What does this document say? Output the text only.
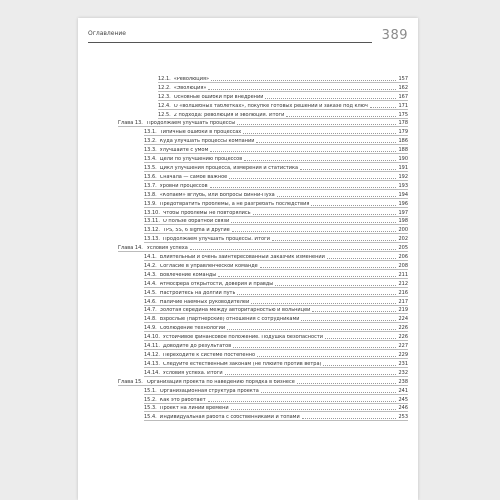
Оглавление	389
12.1. «Революция»	157
12.2. «Эволюция»	162
12.3. Основные ошибки при внедрении	167
12.4. О «волшебных таблетках», покупке готовых решений и заказе под ключ	171
12.5. 2 подхода: революция и эволюция. Итоги	175
Глава 13. Продолжаем улучшать процессы	178
13.1. Типичные ошибки в процессах	179
13.2. Куда улучшать процессы компании	186
13.3. Улучшайте с умом	188
13.4. Цели по улучшению процессов	190
13.5. Цикл улучшения процесса, измерения и статистика	191
13.6. Сначала — самое важное	192
13.7. Уровни процессов	193
13.8. «Копаем» вглубь, или Вопросы Винни-Пуха	194
13.9. Предотвратить проблемы, а не разгребать последствия	196
13.10. Чтобы проблемы не повторялись	197
13.11. О пользе обратной связи	198
13.12. TPS, 5S, 6 sigma и другие	200
13.13. Продолжаем улучшать процессы. Итоги	202
Глава 14. Условия успеха	205
14.1. Влиятельный и очень заинтересованный Заказчик изменений	206
14.2. Согласие в управленческой команде	208
14.3. Вовлечение команды	211
14.4. Атмосфера открытости, доверия и правды	212
14.5. Настройтесь на долгий путь	216
14.6. Наличие наемных руководителей	217
14.7. Золотая середина между авторитарностью и вольницей	219
14.8. Взрослые (партнерские) отношения с сотрудниками	224
14.9. Соблюдение технологии	226
14.10. Устойчивое финансовое положение. Подушка безопасности	226
14.11. Доводите до результатов	227
14.12. Переходите к системе постепенно	229
14.13. Следуйте естественным законам (не плюйте против ветра)	231
14.14. Условия успеха. Итоги	232
Глава 15. Организация проекта по наведению порядка в бизнесе	238
15.1. Организационная структура проекта	241
15.2. Как это работает	245
15.3. Проект на линии времени	246
15.4. Индивидуальная работа с собственниками и топами	253
